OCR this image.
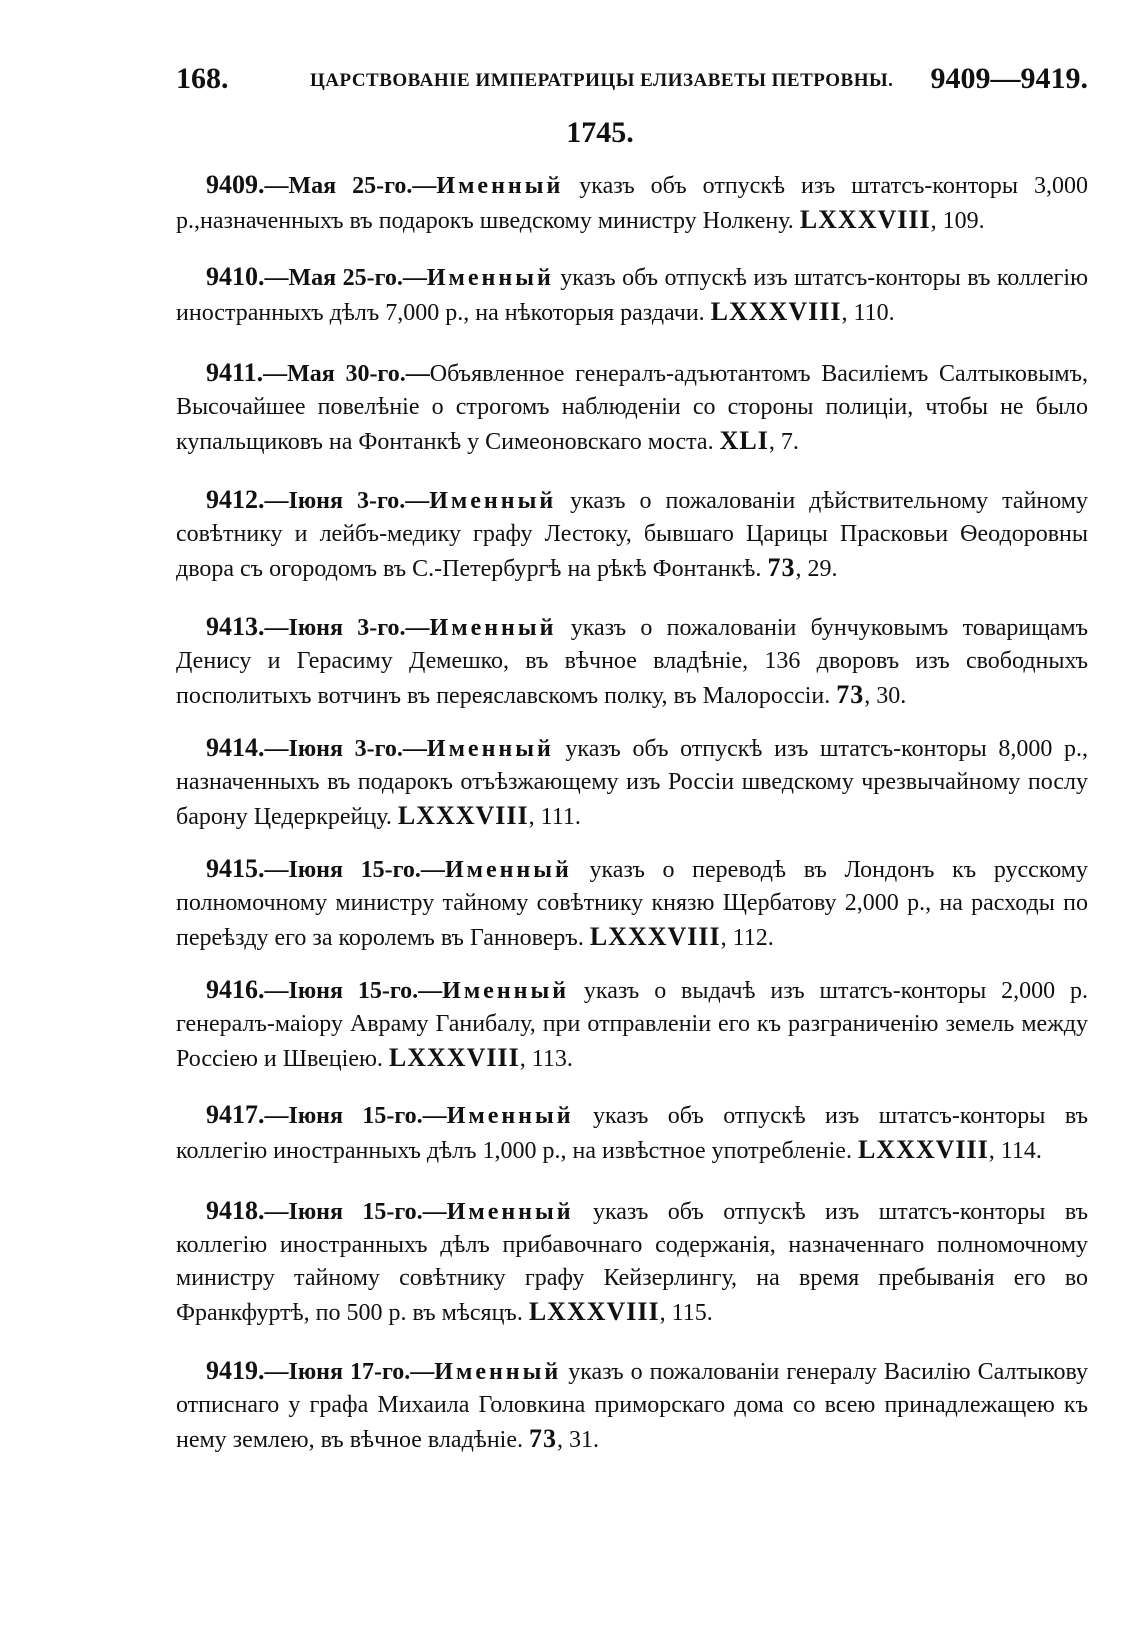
168.	ЦАРСТВОВАНІЕ ИМПЕРАТРИЦЫ ЕЛИЗАВЕТЫ ПЕТРОВНЫ. 9409—9419.
1745.

9409.—Мая 25-го.—Именный указъ объ отпускѣ изъ штатсъ-конторы 3,000 р.,назначенныхъ въ подарокъ шведскому министру Нолкену. LXXXVIII, 109.

9410.—Мая 25-го.—Именный указъ объ отпускѣ изъ штатсъ-конторы въ коллегію иностранныхъ дѣлъ 7,000 р., на нѣкоторыя раздачи. LXXXVIII, 110.

9411.—Мая 30-го.—Объявленное генералъ-адъютантомъ Василіемъ Салтыковымъ, Высочайшее повелѣніе о строгомъ наблюденіи со стороны полиціи, чтобы не было купальщиковъ на Фонтанкѣ у Симеоновскаго моста. XLI, 7.

9412.—Іюня 3-го.—Именный указъ о пожалованіи дѣйствительному тайному совѣтнику и лейбъ-медику графу Лестоку, бывшаго Царицы Прасковьи Ѳеодоровны двора съ огородомъ въ С.-Петербургѣ на рѣкѣ Фонтанкѣ. 73, 29.

9413.—Іюня 3-го.—Именный указъ о пожалованіи бунчуковымъ товарищамъ Денису и Герасиму Демешко, въ вѣчное владѣніе, 136 дворовъ изъ свободныхъ посполитыхъ вотчинъ въ переяславскомъ полку, въ Малороссіи. 73, 30.

9414.—Іюня 3-го.—Именный указъ объ отпускѣ изъ штатсъ-конторы 8,000 р., назначенныхъ въ подарокъ отъѣзжающему изъ Россіи шведскому чрезвычайному послу барону Цедеркрейцу. LXXXVIII, 111.

9415.—Іюня 15-го.—Именный указъ о переводѣ въ Лондонъ къ русскому полномочному министру тайному совѣтнику князю Щербатову 2,000 р., на расходы по переѣзду его за королемъ въ Ганноверъ. LXXXVIII, 112.

9416.—Іюня 15-го.—Именный указъ о выдачѣ изъ штатсъ-конторы 2,000 р. генералъ-маіору Авраму Ганибалу, при отправленіи его къ разграниченію земель между Россіею и Швеціею. LXXXVIII, 113.

9417.—Іюня 15-го.—Именный указъ объ отпускѣ изъ штатсъ-конторы въ коллегію иностранныхъ дѣлъ 1,000 р., на извѣстное употребленіе. LXXXVIII, 114.

9418.—Іюня 15-го.—Именный указъ объ отпускѣ изъ штатсъ-конторы въ коллегію иностранныхъ дѣлъ прибавочнаго содержанія, назначеннаго полномочному министру тайному совѣтнику графу Кейзерлингу, на время пребыванія его во Франкфуртѣ, по 500 р. въ мѣсяцъ. LXXXVIII, 115.

9419.—Іюня 17-го.—Именный указъ о пожалованіи генералу Василію Салтыкову отписнаго у графа Михаила Головкина приморскаго дома со всею принадлежащею къ нему землею, въ вѣчное владѣніе. 73, 31.
